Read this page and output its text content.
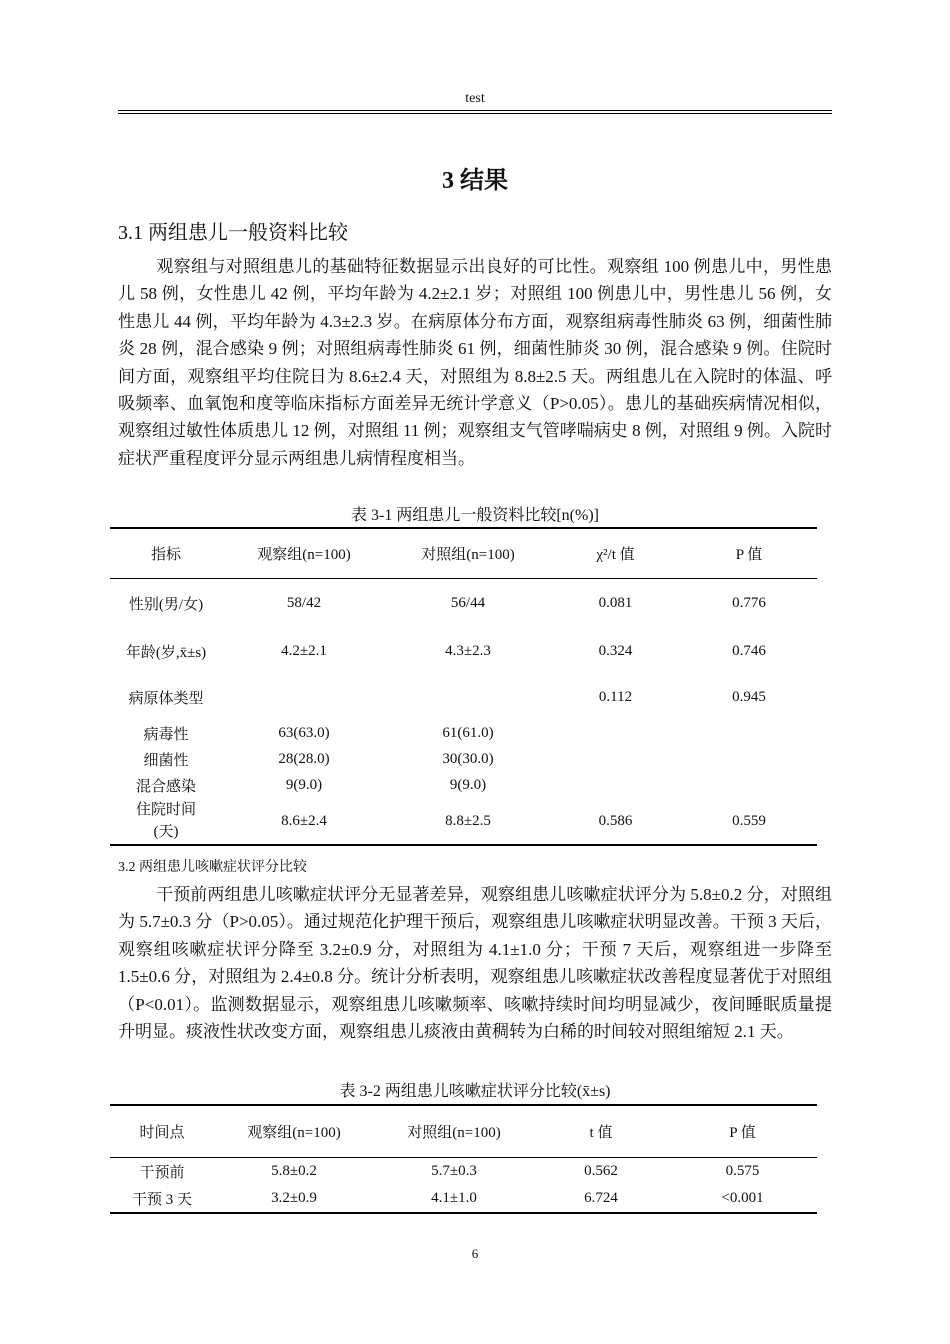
test
3 结果
3.1 两组患儿一般资料比较

观察组与对照组患儿的基础特征数据显示出良好的可比性。观察组 100 例患儿中，男性患儿 58 例，女性患儿 42 例，平均年龄为 4.2±2.1 岁；对照组 100 例患儿中，男性患儿 56 例，女性患儿 44 例，平均年龄为 4.3±2.3 岁。在病原体分布方面，观察组病毒性肺炎 63 例，细菌性肺炎 28 例，混合感染 9 例；对照组病毒性肺炎 61 例，细菌性肺炎 30 例，混合感染 9 例。住院时间方面，观察组平均住院日为 8.6±2.4 天，对照组为 8.8±2.5 天。两组患儿在入院时的体温、呼吸频率、血氧饱和度等临床指标方面差异无统计学意义（P>0.05）。患儿的基础疾病情况相似，观察组过敏性体质患儿 12 例，对照组 11 例；观察组支气管哮喘病史 8 例，对照组 9 例。入院时症状严重程度评分显示两组患儿病情程度相当。

表 3-1 两组患儿一般资料比较[n(%)]
指标	观察组(n=100)	对照组(n=100)	χ²/t 值	P 值
性别(男/女)	58/42	56/44	0.081	0.776
年龄(岁,x̄±s)	4.2±2.1	4.3±2.3	0.324	0.746
病原体类型			0.112	0.945
病毒性	63(63.0)	61(61.0)		
细菌性	28(28.0)	30(30.0)		
混合感染	9(9.0)	9(9.0)		
住院时间
(天)	8.6±2.4	8.8±2.5	0.586	0.559
3.2 两组患儿咳嗽症状评分比较

干预前两组患儿咳嗽症状评分无显著差异，观察组患儿咳嗽症状评分为 5.8±0.2 分，对照组为 5.7±0.3 分（P>0.05）。通过规范化护理干预后，观察组患儿咳嗽症状明显改善。干预 3 天后，观察组咳嗽症状评分降至 3.2±0.9 分，对照组为 4.1±1.0 分；干预 7 天后，观察组进一步降至 1.5±0.6 分，对照组为 2.4±0.8 分。统计分析表明，观察组患儿咳嗽症状改善程度显著优于对照组（P<0.01）。监测数据显示，观察组患儿咳嗽频率、咳嗽持续时间均明显减少，夜间睡眠质量提升明显。痰液性状改变方面，观察组患儿痰液由黄稠转为白稀的时间较对照组缩短 2.1 天。

表 3-2 两组患儿咳嗽症状评分比较(x̄±s)
时间点	观察组(n=100)	对照组(n=100)	t 值	P 值
干预前	5.8±0.2	5.7±0.3	0.562	0.575
干预 3 天	3.2±0.9	4.1±1.0	6.724	<0.001
6
